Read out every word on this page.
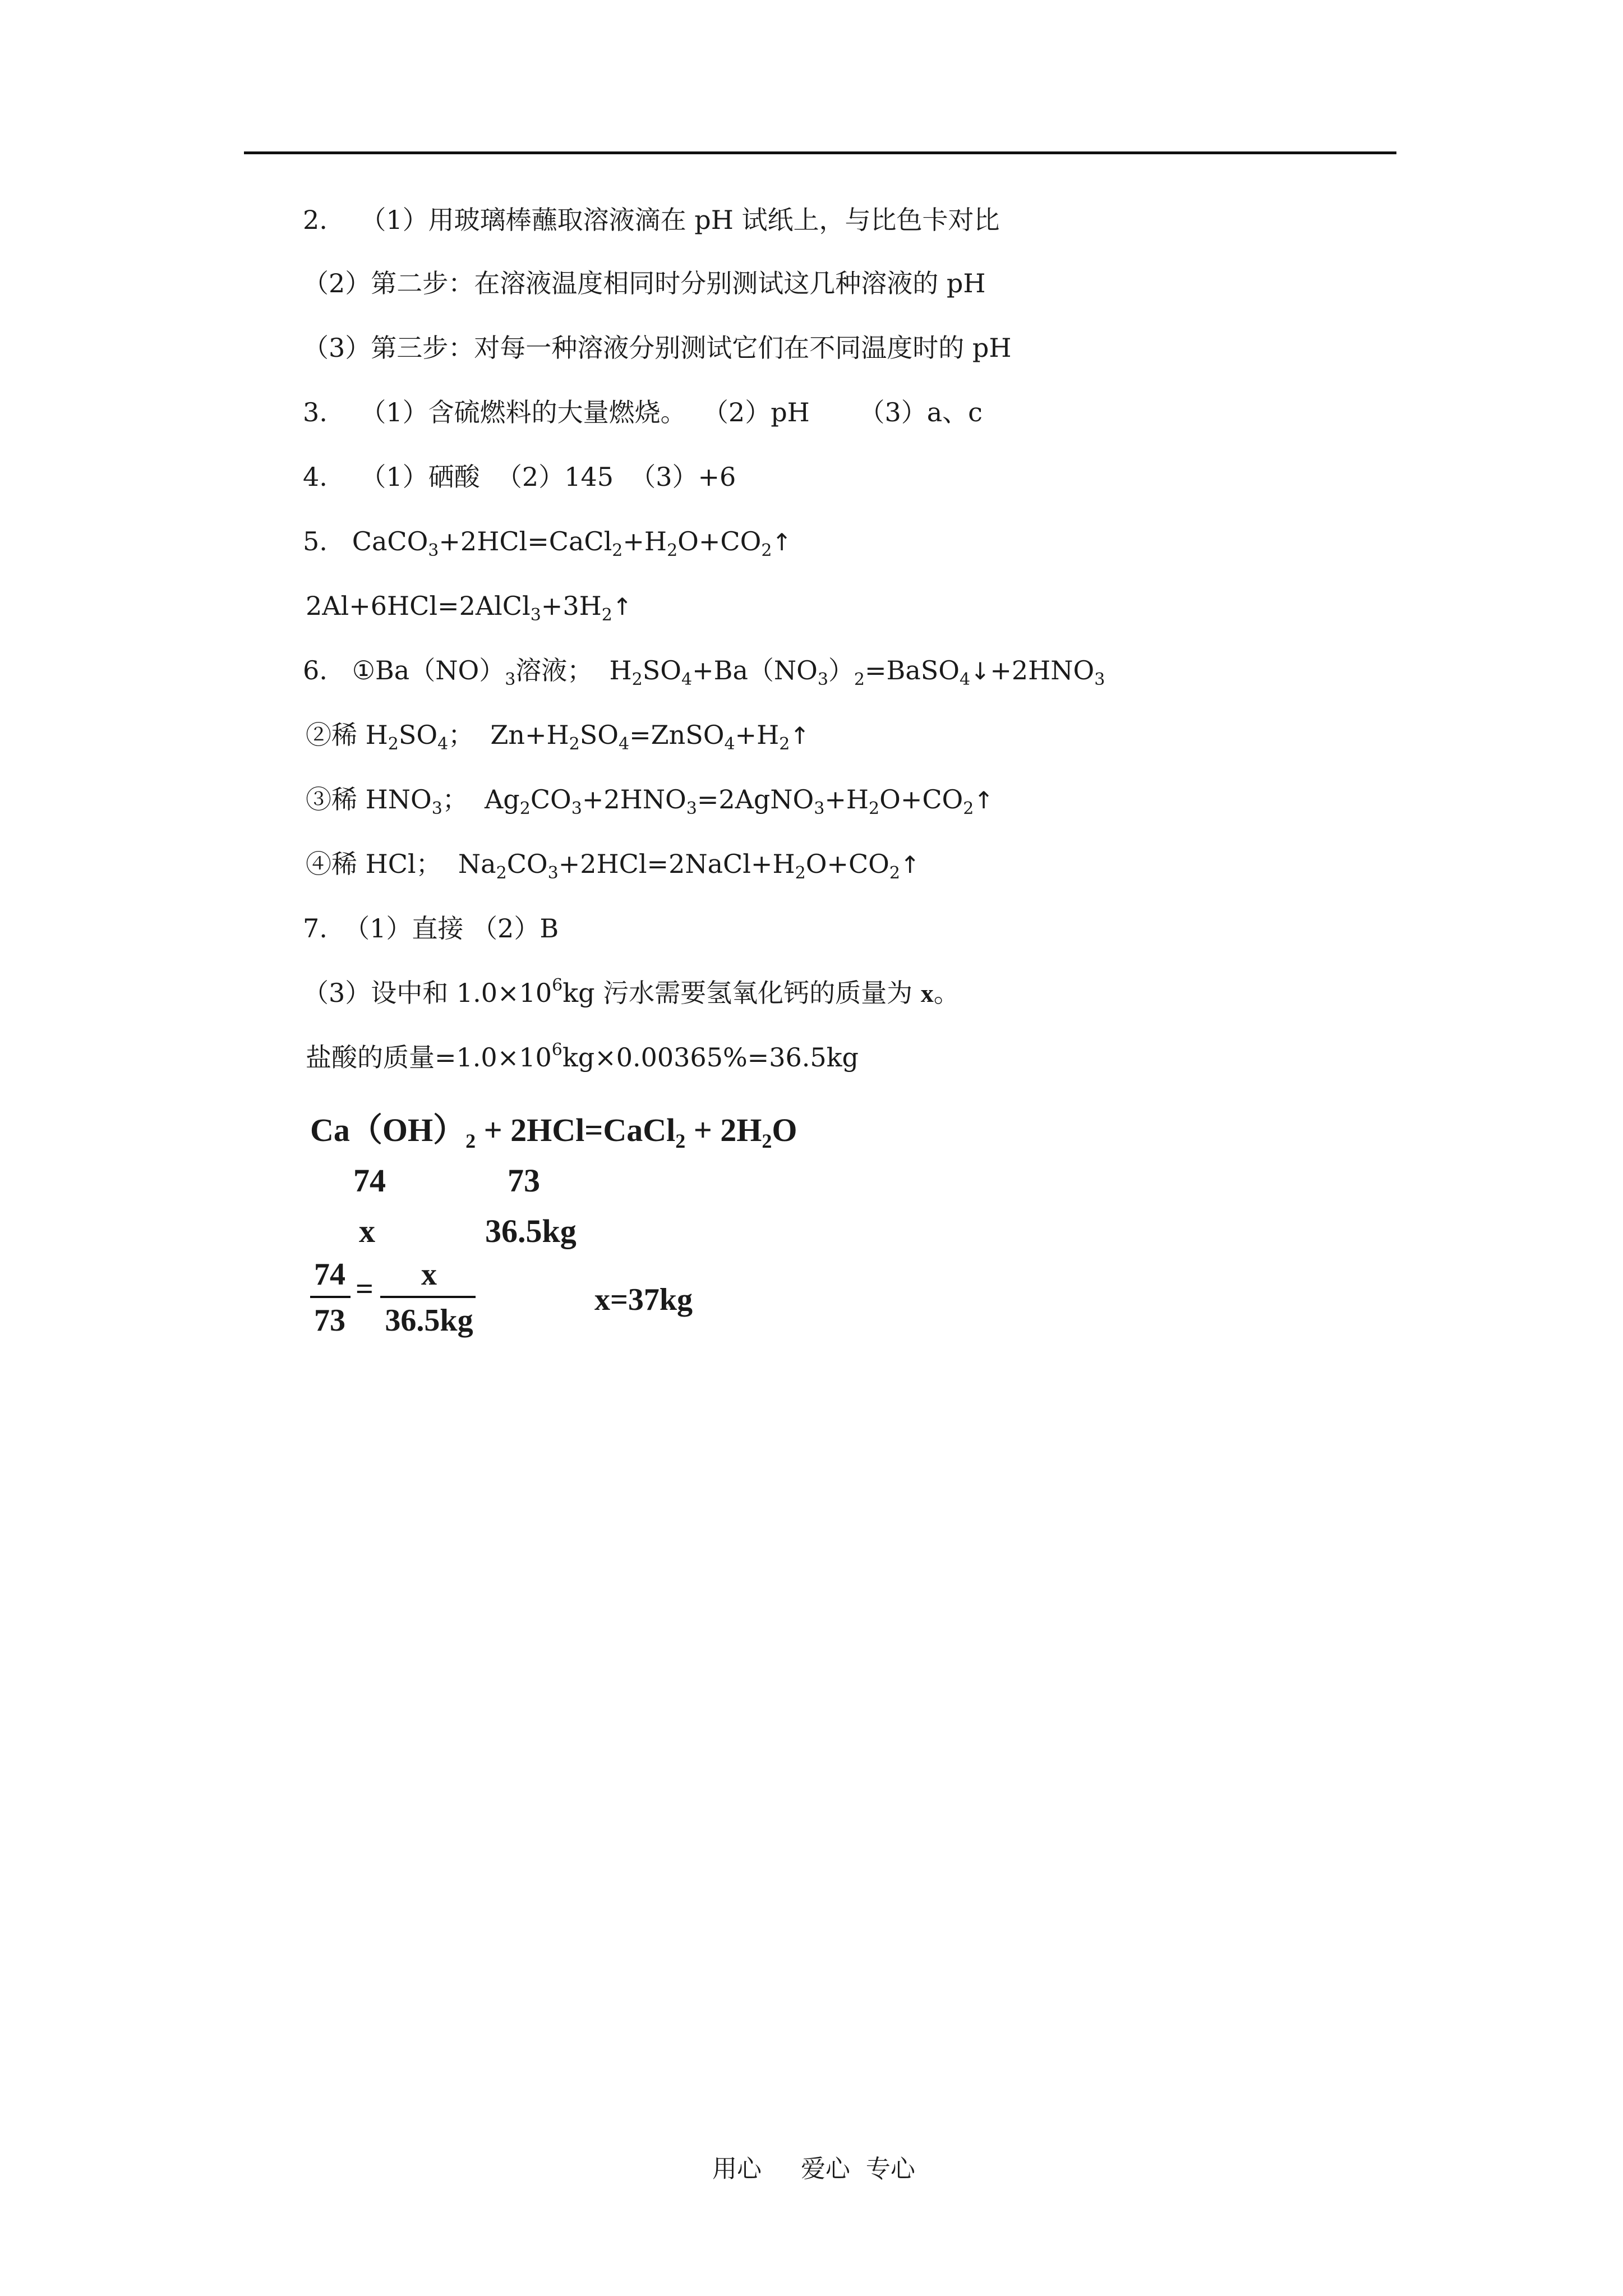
2. （1）用玻璃棒蘸取溶液滴在 pH 试纸上，与比色卡对比
（2）第二步：在溶液温度相同时分别测试这几种溶液的 pH
（3）第三步：对每一种溶液分别测试它们在不同温度时的 pH
3. （1）含硫燃料的大量燃烧。 （2）pH （3）a、c
4. （1）硒酸 （2）145 （3）+6
5. $CaCO_3+2HCl=CaCl_2+H_2O+CO_2↑$
$2Al+6HCl=2AlCl_3+3H_2↑$
6. $①Ba(NO)_3$溶液； $H_2SO_4+Ba(NO_3)_2=BaSO_4↓+2HNO_3$
②稀 $H_2SO_4$； $Zn+H_2SO_4=ZnSO_4+H_2↑$
③稀 $HNO_3$； $Ag_2CO_3+2HNO_3=2AgNO_3+H_2O+CO_2↑$
④稀 HCl； $Na_2CO_3+2HCl=2NaCl+H_2O+CO_2↑$
7. （1）直接 （2）B
（3）设中和 $1.0\times 10^6kg$ 污水需要氢氧化钙的质量为 x。
盐酸的质量$=1.0\times 10^6kg\times 0.00365\%=36.5kg$
$Ca(OH)_2$ + 2HCl=CaCl$_2$ + $2H_2O$
74	73
x	36.5kg
74
73
=	x
36.5kg
x=37kg
用心 爱心 专心
